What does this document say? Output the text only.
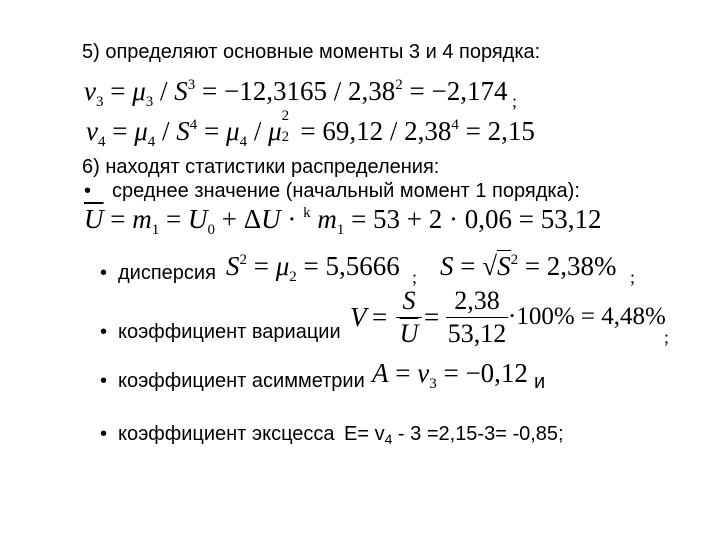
5) определяют основные моменты 3 и 4 порядка:
$\nu_3 = \mu_3 / S^3 = -12,3165 / 2,38^2 = -2,174$ ;
$\nu_4 = \mu_4 / S^4 = \mu_4 / \mu$ 2
$2 = 69,12 / 2,38^4 = 2,15$
6) находят статистики распределения:
• среднее значение (начальный момент 1 порядка):
$\overline{U} = m_1 = U_0 + \Delta U \cdot ^k$ $m_1 = 53 + 2 \cdot 0,06 = 53,12$
• дисперсия $S^2 = \mu_2 = 5,5666$ ; $S = √S^2 = 2,38\%$ ;
• коэффициент вариации $V = \frac{S}{U}$ =
2,38
53,12
·100% = 4,48%
;
• коэффициент асимметрии $A = \nu_3 = -0,12$ и
• коэффициент эксцесса $E= v_4 - 3 =2,15-3= -0,85$;
